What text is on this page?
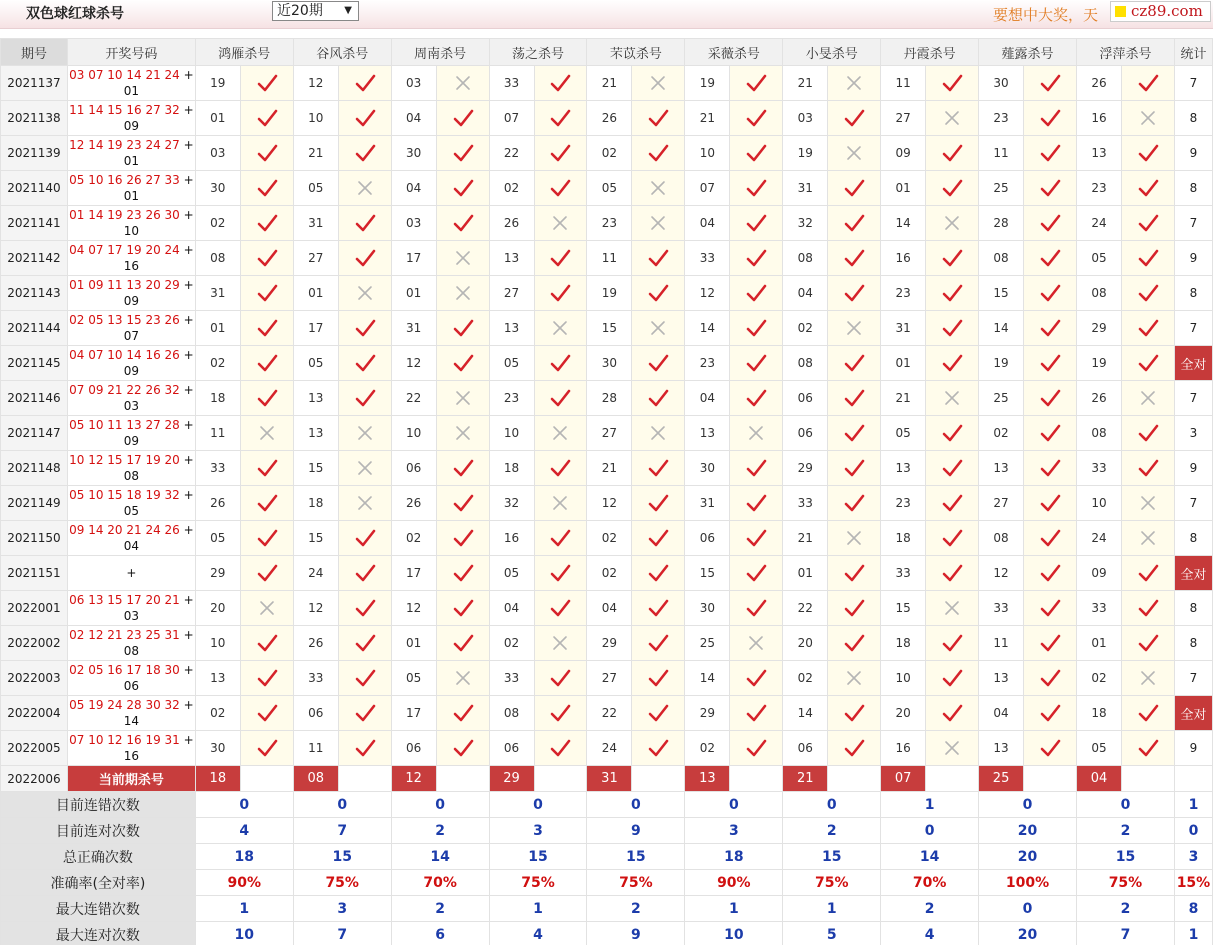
双色球红球杀号	近20期 ▼	要想中大奖，天	cz89.com
期号	开奖号码	鸿雁杀号		谷风杀号		周南杀号		荡之杀号		芣苡杀号		采薇杀号		小旻杀号		丹霞杀号		薤露杀号		浮萍杀号		统计
2021137	03 07 10 14 21 24 + 01	19		12		03		33		21		19		21		11		30		26		7
2021138	11 14 15 16 27 32 + 09	01		10		04		07		26		21		03		27		23		16		8
2021139	12 14 19 23 24 27 + 01	03		21		30		22		02		10		19		09		11		13		9
2021140	05 10 16 26 27 33 + 01	30		05		04		02		05		07		31		01		25		23		8
2021141	01 14 19 23 26 30 + 10	02		31		03		26		23		04		32		14		28		24		7
2021142	04 07 17 19 20 24 + 16	08		27		17		13		11		33		08		16		08		05		9
2021143	01 09 11 13 20 29 + 09	31		01		01		27		19		12		04		23		15		08		8
2021144	02 05 13 15 23 26 + 07	01		17		31		13		15		14		02		31		14		29		7
2021145	04 07 10 14 16 26 + 09	02		05		12		05		30		23		08		01		19		19		全对
2021146	07 09 21 22 26 32 + 03	18		13		22		23		28		04		06		21		25		26		7
2021147	05 10 11 13 27 28 + 09	11		13		10		10		27		13		06		05		02		08		3
2021148	10 12 15 17 19 20 + 08	33		15		06		18		21		30		29		13		13		33		9
2021149	05 10 15 18 19 32 + 05	26		18		26		32		12		31		33		23		27		10		7
2021150	09 14 20 21 24 26 + 04	05		15		02		16		02		06		21		18		08		24		8
2021151	+	29		24		17		05		02		15		01		33		12		09		全对
2022001	06 13 15 17 20 21 + 03	20		12		12		04		04		30		22		15		33		33		8
2022002	02 12 21 23 25 31 + 08	10		26		01		02		29		25		20		18		11		01		8
2022003	02 05 16 17 18 30 + 06	13		33		05		33		27		14		02		10		13		02		7
2022004	05 19 24 28 30 32 + 14	02		06		17		08		22		29		14		20		04		18		全对
2022005	07 10 12 16 19 31 + 16	30		11		06		06		24		02		06		16		13		05		9
2022006	当前期杀号	18		08		12		29		31		13		21		07		25		04		
目前连错次数		0		0		0		0		0		0		0		1		0		0		1
目前连对次数		4		7		2		3		9		3		2		0		20		2		0
总正确次数		18		15		14		15		15		18		15		14		20		15		3
准确率(全对率)		90%		75%		70%		75%		75%		90%		75%		70%		100%		75%		15%
最大连错次数		1		3		2		1		2		1		1		2		0		2		8
最大连对次数		10		7		6		4		9		10		5		4		20		7		1
